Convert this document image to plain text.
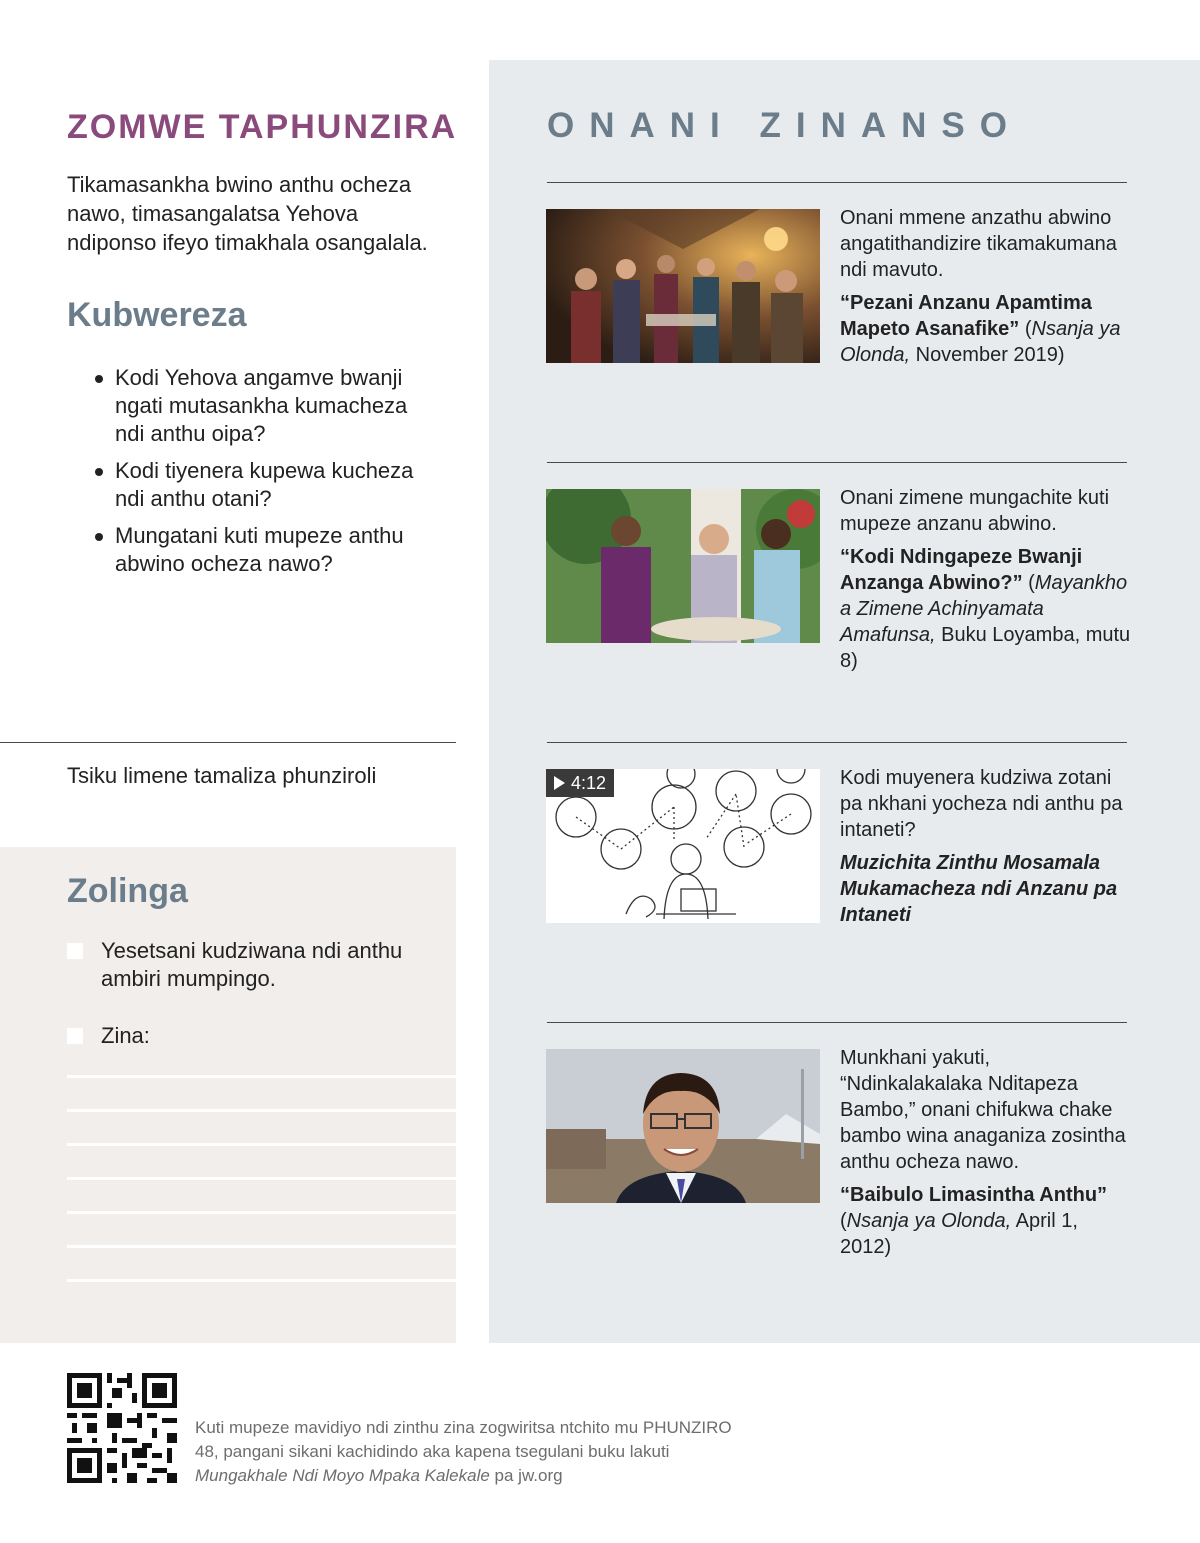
ONANI ZINANSO

Onani mmene anzathu abwino angatithandizire tikamakumana ndi mavuto.

“Pezani Anzanu Apamtima Mapeto Asanafike” (Nsanja ya Olonda, November 2019)

Onani zimene mungachite kuti mupeze anzanu abwino.

“Kodi Ndingapeze Bwanji Anzanga Abwino?” (Mayankho a Zimene Achinyamata Amafunsa, Buku Loyamba, mutu 8)

4:12	Kodi muyenera kudziwa zotani pa nkhani yocheza ndi anthu pa intaneti?

Muzichita Zinthu Mosamala Mukamacheza ndi Anzanu pa Intaneti

Munkhani yakuti, “Ndinkalakalaka Nditapeza Bambo,” onani chifukwa chake bambo wina anaganiza zosintha anthu ocheza nawo.

“Baibulo Limasintha Anthu” (Nsanja ya Olonda, April 1, 2012)

ZOMWE TAPHUNZIRA

Tikamasankha bwino anthu ocheza nawo, timasangalatsa Yehova ndiponso ifeyo timakhala osangalala.

Kubwereza
Kodi Yehova angamve bwanji ngati mutasankha kumacheza ndi anthu oipa?
Kodi tiyenera kupewa kucheza ndi anthu otani?
Mungatani kuti mupeze anthu abwino ocheza nawo?

Tsiku limene tamaliza phunziroli

Zolinga
Yesetsani kudziwana ndi anthu ambiri mumpingo.
Zina:

Kuti mupeze mavidiyo ndi zinthu zina zogwiritsa ntchito mu PHUNZIRO 48, pangani sikani kachidindo aka kapena tsegulani buku lakuti Mungakhale Ndi Moyo Mpaka Kalekale pa jw.org
